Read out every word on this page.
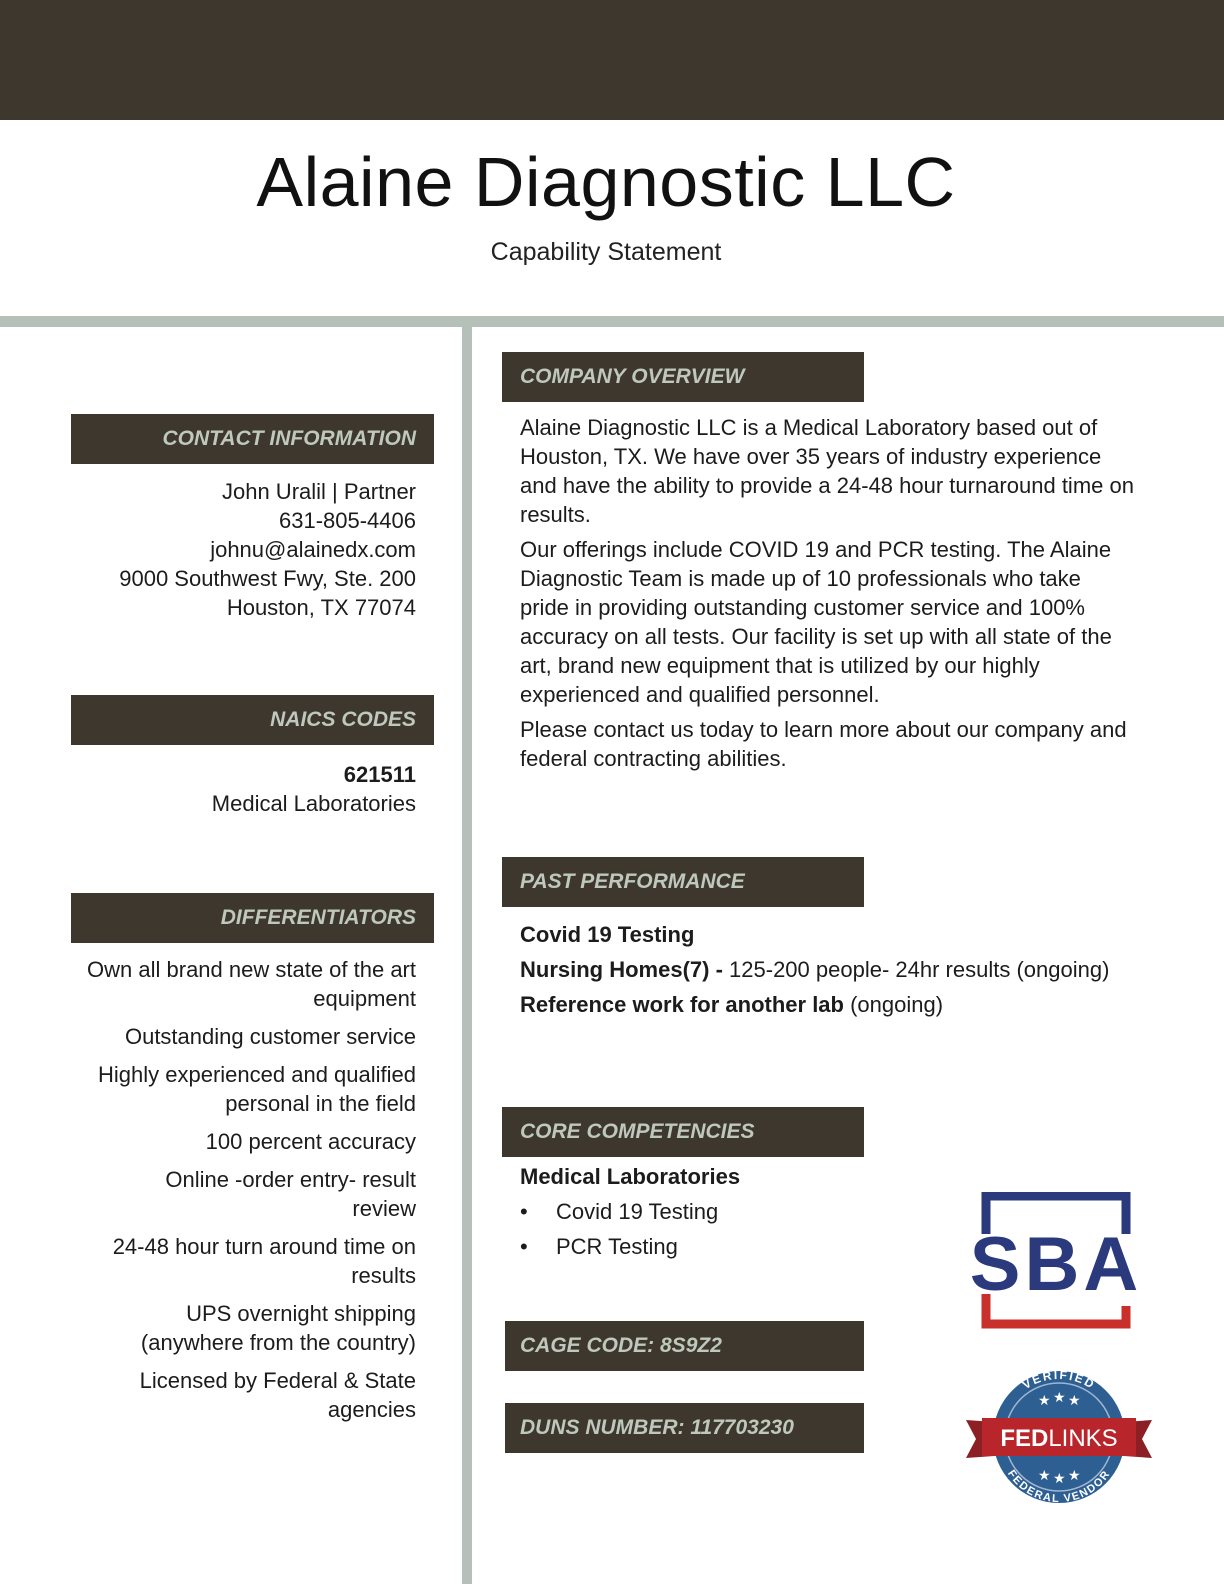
Alaine Diagnostic LLC
Capability Statement
CONTACT INFORMATION
John Uralil | Partner
631-805-4406
johnu@alainedx.com
9000 Southwest Fwy, Ste. 200
Houston, TX 77074
NAICS CODES
621511
Medical Laboratories
DIFFERENTIATORS
Own all brand new state of the art equipment
Outstanding customer service
Highly experienced and qualified personal in the field
100 percent accuracy
Online -order entry- result review
24-48 hour turn around time on results
UPS overnight shipping (anywhere from the country)
Licensed by Federal & State agencies
COMPANY OVERVIEW

Alaine Diagnostic LLC is a Medical Laboratory based out of Houston, TX. We have over 35 years of industry experience and have the ability to provide a 24-48 hour turnaround time on results.

Our offerings include COVID 19 and PCR testing. The Alaine Diagnostic Team is made up of 10 professionals who take pride in providing outstanding customer service and 100% accuracy on all tests. Our facility is set up with all state of the art, brand new equipment that is utilized by our highly experienced and qualified personnel.

Please contact us today to learn more about our company and federal contracting abilities.

PAST PERFORMANCE
Covid 19 Testing
Nursing Homes(7) - 125-200 people- 24hr results (ongoing)
Reference work for another lab (ongoing)
CORE COMPETENCIES
Medical Laboratories
•	Covid 19 Testing
•	PCR Testing
CAGE CODE: 8S9Z2
DUNS NUMBER: 117703230
SBA
VERIFIED
FEDERAL VENDOR
★ ★ ★
★ ★ ★
FEDLINKS
